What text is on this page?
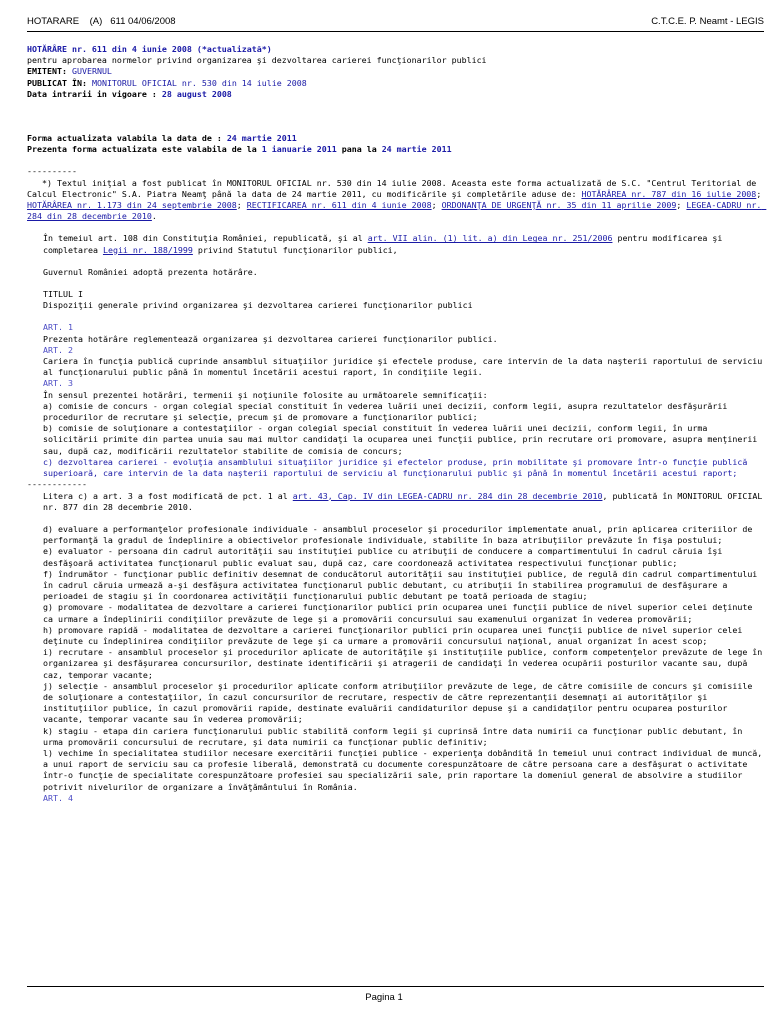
HOTARARE    (A)   611 04/06/2008	C.T.C.E. P. Neamt - LEGIS

HOTĂRÂRE nr. 611 din 4 iunie 2008 (*actualizată*)

pentru aprobarea normelor privind organizarea şi dezvoltarea carierei funcţionarilor publici

EMITENT: GUVERNUL

PUBLICAT ÎN: MONITORUL OFICIAL nr. 530 din 14 iulie 2008

Data intrarii in vigoare : 28 august 2008

Forma actualizata valabila la data de : 24 martie 2011

Prezenta forma actualizata este valabila de la 1 ianuarie 2011 pana la 24 martie 2011

----------

*) Textul iniţial a fost publicat în MONITORUL OFICIAL nr. 530 din 14 iulie 2008. Aceasta este forma actualizată de S.C. "Centrul Teritorial de Calcul Electronic" S.A. Piatra Neamţ până la data de 24 martie 2011, cu modificările şi completările aduse de: HOTĂRÂREA nr. 787 din 16 iulie 2008; HOTĂRÂREA nr. 1.173 din 24 septembrie 2008; RECTIFICAREA nr. 611 din 4 iunie 2008; ORDONANŢA DE URGENŢĂ nr. 35 din 11 aprilie 2009; LEGEA-CADRU nr. 284 din 28 decembrie 2010.

În temeiul art. 108 din Constituţia României, republicată, şi al art. VII alin. (1) lit. a) din Legea nr. 251/2006 pentru modificarea şi completarea Legii nr. 188/1999 privind Statutul funcţionarilor publici,

Guvernul României adoptă prezenta hotărâre.

TITLUL I

Dispoziţii generale privind organizarea şi dezvoltarea carierei funcţionarilor publici

ART. 1

Prezenta hotărâre reglementează organizarea şi dezvoltarea carierei funcţionarilor publici.

ART. 2

Cariera în funcţia publică cuprinde ansamblul situaţiilor juridice şi efectele produse, care intervin de la data naşterii raportului de serviciu al funcţionarului public până în momentul încetării acestui raport, în condiţiile legii.

ART. 3

În sensul prezentei hotărâri, termenii şi noţiunile folosite au următoarele semnificaţii:

a) comisie de concurs - organ colegial special constituit în vederea luării unei decizii, conform legii, asupra rezultatelor desfăşurării procedurilor de recrutare şi selecţie, precum şi de promovare a funcţionarilor publici;

b) comisie de soluţionare a contestaţiilor - organ colegial special constituit în vederea luării unei decizii, conform legii, în urma solicitării primite din partea unuia sau mai multor candidaţi la ocuparea unei funcţii publice, prin recrutare ori promovare, asupra menţinerii sau, după caz, modificării rezultatelor stabilite de comisia de concurs;

c) dezvoltarea carierei - evoluţia ansamblului situaţiilor juridice şi efectelor produse, prin mobilitate şi promovare într-o funcţie publică superioară, care intervin de la data naşterii raportului de serviciu al funcţionarului public şi până în momentul încetării acestui raport;

------------

Litera c) a art. 3 a fost modificată de pct. 1 al art. 43, Cap. IV din LEGEA-CADRU nr. 284 din 28 decembrie 2010, publicată în MONITORUL OFICIAL nr. 877 din 28 decembrie 2010.

d) evaluare a performanţelor profesionale individuale - ansamblul proceselor şi procedurilor implementate anual, prin aplicarea criteriilor de performanţă la gradul de îndeplinire a obiectivelor profesionale individuale, stabilite în baza atribuţiilor prevăzute în fişa postului;

e) evaluator - persoana din cadrul autorităţii sau instituţiei publice cu atribuţii de conducere a compartimentului în cadrul căruia îşi desfăşoară activitatea funcţionarul public evaluat sau, după caz, care coordonează activitatea respectivului funcţionar public;

f) îndrumător - funcţionar public definitiv desemnat de conducătorul autorităţii sau instituţiei publice, de regulă din cadrul compartimentului în cadrul căruia urmează a-şi desfăşura activitatea funcţionarul public debutant, cu atribuţii în stabilirea programului de desfăşurare a perioadei de stagiu şi în coordonarea activităţii funcţionarului public debutant pe toată perioada de stagiu;

g) promovare - modalitatea de dezvoltare a carierei funcţionarilor publici prin ocuparea unei funcţii publice de nivel superior celei deţinute ca urmare a îndeplinirii condiţiilor prevăzute de lege şi a promovării concursului sau examenului organizat în vederea promovării;

h) promovare rapidă - modalitatea de dezvoltare a carierei funcţionarilor publici prin ocuparea unei funcţii publice de nivel superior celei deţinute cu îndeplinirea condiţiilor prevăzute de lege şi ca urmare a promovării concursului naţional, anual organizat în acest scop;

i) recrutare - ansamblul proceselor şi procedurilor aplicate de autorităţile şi instituţiile publice, conform competenţelor prevăzute de lege în organizarea şi desfăşurarea concursurilor, destinate identificării şi atragerii de candidaţi în vederea ocupării posturilor vacante sau, după caz, temporar vacante;

j) selecţie - ansamblul proceselor şi procedurilor aplicate conform atribuţiilor prevăzute de lege, de către comisiile de concurs şi comisiile de soluţionare a contestaţiilor, în cazul concursurilor de recrutare, respectiv de către reprezentanţii desemnaţi ai autorităţilor şi instituţiilor publice, în cazul promovării rapide, destinate evaluării candidaturilor depuse şi a candidaţilor pentru ocuparea posturilor vacante, temporar vacante sau în vederea promovării;

k) stagiu - etapa din cariera funcţionarului public stabilită conform legii şi cuprinsă între data numirii ca funcţionar public debutant, în urma promovării concursului de recrutare, şi data numirii ca funcţionar public definitiv;

l) vechime în specialitatea studiilor necesare exercitării funcţiei publice - experienţa dobândită în temeiul unui contract individual de muncă, a unui raport de serviciu sau ca profesie liberală, demonstrată cu documente corespunzătoare de către persoana care a desfăşurat o activitate într-o funcţie de specialitate corespunzătoare profesiei sau specializării sale, prin raportare la domeniul general de absolvire a studiilor potrivit nivelurilor de organizare a învăţământului în România.

ART. 4

Pagina 1
